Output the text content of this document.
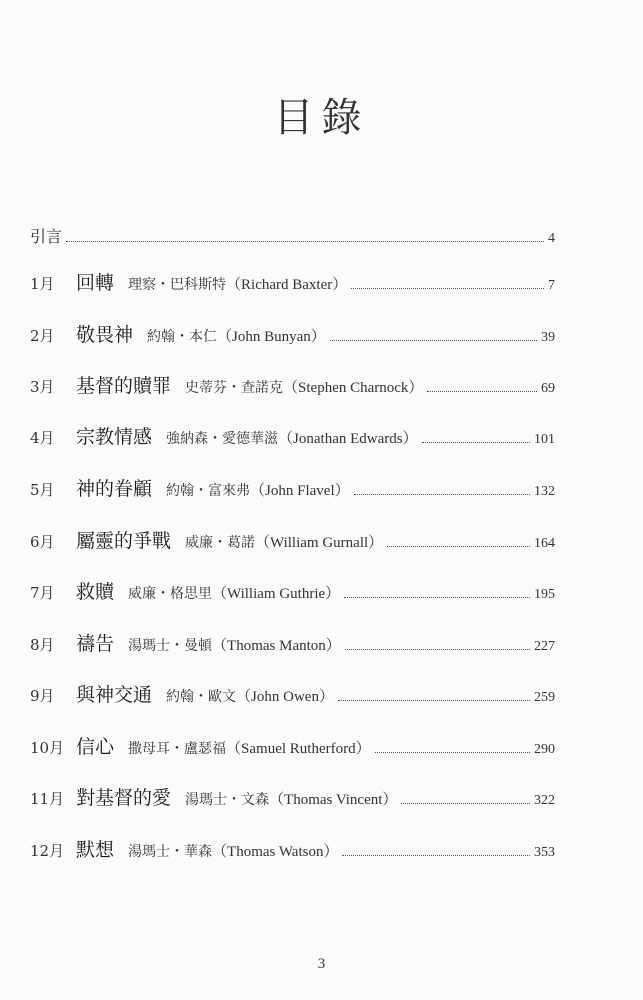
目錄
引言	4
1月	回轉 理察・巴科斯特 （ Richard Baxter ）	7
2月	敬畏神 約翰・本仁 （ John Bunyan ）	39
3月	基督的贖罪 史蒂芬・查諾克 （ Stephen Charnock ）	69
4月	宗教情感 強納森・愛德華滋 （ Jonathan Edwards ）	101
5月	神的眷顧 約翰・富來弗 （ John Flavel ）	132
6月	屬靈的爭戰 威廉・葛諾 （ William Gurnall ）	164
7月	救贖 威廉・格思里 （ William Guthrie ）	195
8月	禱告 湯瑪士・曼頓 （ Thomas Manton ）	227
9月	與神交通 約翰・歐文 （ John Owen ）	259
10月 信心 撒母耳・盧瑟福 （ Samuel Rutherford ）	290
11月 對基督的愛 湯瑪士・文森 （ Thomas Vincent ）	322
12月 默想 湯瑪士・華森 （ Thomas Watson ）	353
3
